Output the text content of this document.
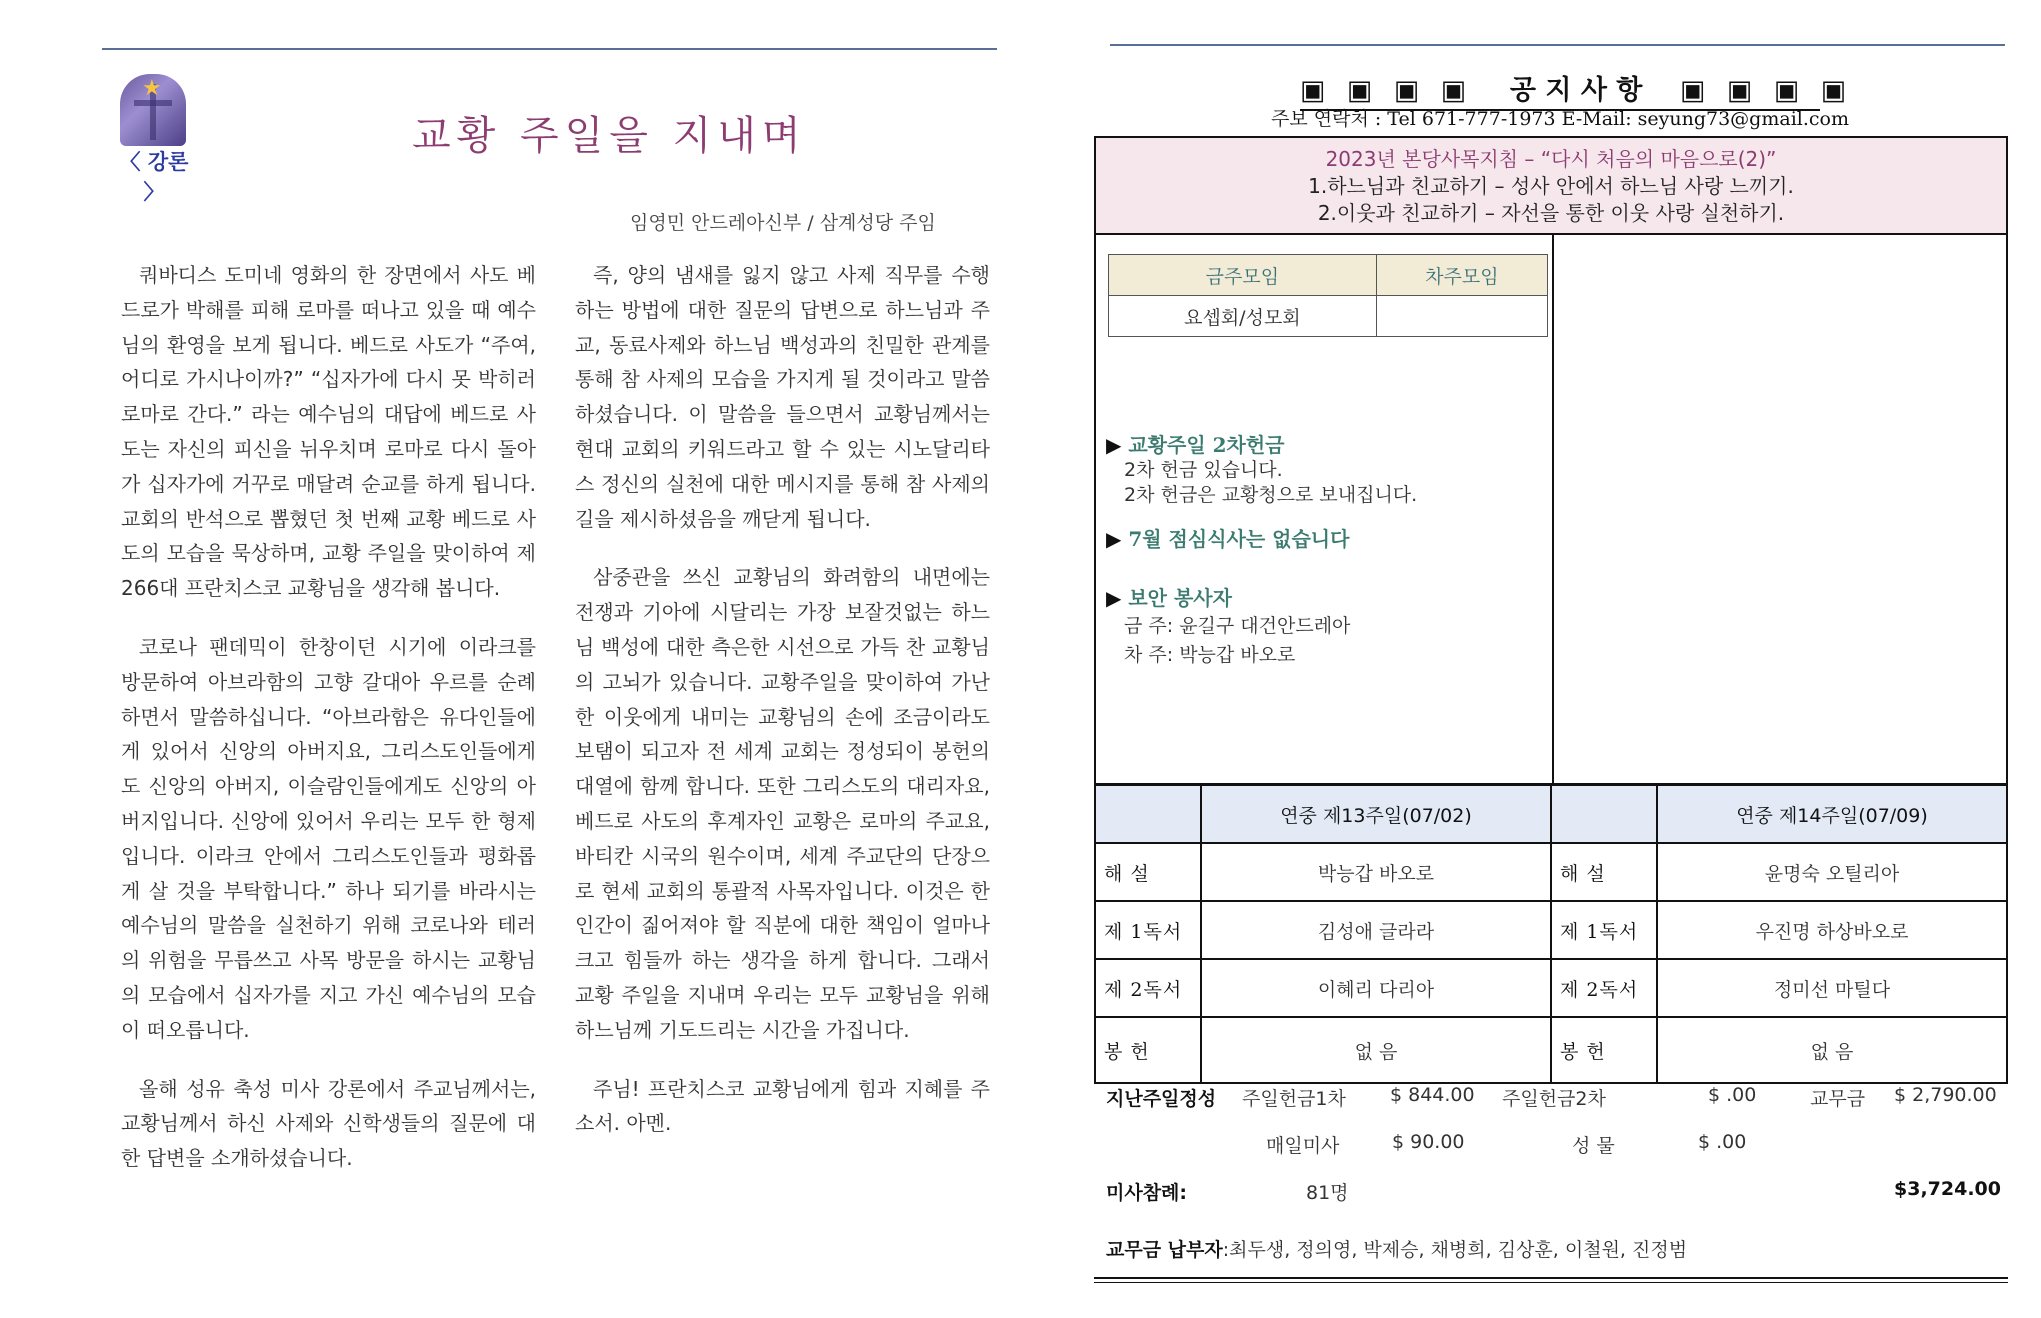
★
〈 강론 〉
교황 주일을 지내며
임영민 안드레아신부 / 삼계성당 주임

쿼바디스 도미네 영화의 한 장면에서 사도 베드로가 박해를 피해 로마를 떠나고 있을 때 예수님의 환영을 보게 됩니다. 베드로 사도가 “주여, 어디로 가시나이까?” “십자가에 다시 못 박히러 로마로 간다.” 라는 예수님의 대답에 베드로 사도는 자신의 피신을 뉘우치며 로마로 다시 돌아가 십자가에 거꾸로 매달려 순교를 하게 됩니다. 교회의 반석으로 뽑혔던 첫 번째 교황 베드로 사도의 모습을 묵상하며, 교황 주일을 맞이하여 제266대 프란치스코 교황님을 생각해 봅니다.

코로나 팬데믹이 한창이던 시기에 이라크를 방문하여 아브라함의 고향 갈대아 우르를 순례하면서 말씀하십니다. “아브라함은 유다인들에게 있어서 신앙의 아버지요, 그리스도인들에게도 신앙의 아버지, 이슬람인들에게도 신앙의 아버지입니다. 신앙에 있어서 우리는 모두 한 형제입니다. 이라크 안에서 그리스도인들과 평화롭게 살 것을 부탁합니다.” 하나 되기를 바라시는 예수님의 말씀을 실천하기 위해 코로나와 테러의 위험을 무릅쓰고 사목 방문을 하시는 교황님의 모습에서 십자가를 지고 가신 예수님의 모습이 떠오릅니다.

올해 성유 축성 미사 강론에서 주교님께서는, 교황님께서 하신 사제와 신학생들의 질문에 대한 답변을 소개하셨습니다.

즉, 양의 냄새를 잃지 않고 사제 직무를 수행하는 방법에 대한 질문의 답변으로 하느님과 주교, 동료사제와 하느님 백성과의 친밀한 관계를 통해 참 사제의 모습을 가지게 될 것이라고 말씀하셨습니다. 이 말씀을 들으면서 교황님께서는 현대 교회의 키워드라고 할 수 있는 시노달리타스 정신의 실천에 대한 메시지를 통해 참 사제의 길을 제시하셨음을 깨닫게 됩니다.

삼중관을 쓰신 교황님의 화려함의 내면에는 전쟁과 기아에 시달리는 가장 보잘것없는 하느님 백성에 대한 측은한 시선으로 가득 찬 교황님의 고뇌가 있습니다. 교황주일을 맞이하여 가난한 이웃에게 내미는 교황님의 손에 조금이라도 보탬이 되고자 전 세계 교회는 정성되이 봉헌의 대열에 함께 합니다. 또한 그리스도의 대리자요, 베드로 사도의 후계자인 교황은 로마의 주교요, 바티칸 시국의 원수이며, 세계 주교단의 단장으로 현세 교회의 통괄적 사목자입니다. 이것은 한 인간이 짊어져야 할 직분에 대한 책임이 얼마나 크고 힘들까 하는 생각을 하게 합니다. 그래서 교황 주일을 지내며 우리는 모두 교황님을 위해 하느님께 기도드리는 시간을 가집니다.

주님! 프란치스코 교황님에게 힘과 지혜를 주소서. 아멘.

▣ ▣ ▣ ▣ 공 지 사 항 ▣ ▣ ▣ ▣
주보 연락처 : Tel 671-777-1973 E-Mail: seyung73@gmail.com
2023년 본당사목지침 – “다시 처음의 마음으로(2)”
1.하느님과 친교하기 – 성사 안에서 하느님 사랑 느끼기.
2.이웃과 친교하기 – 자선을 통한 이웃 사랑 실천하기.
금주모임	차주모임
요셉회/성모회	
▶ 교황주일 2차헌금
2차 헌금 있습니다.
2차 헌금은 교황청으로 보내집니다.
▶ 7월 점심식사는 없습니다
▶ 보안 봉사자
금 주: 윤길구 대건안드레아
차 주: 박능갑 바오로
	연중 제13주일(07/02)		연중 제14주일(07/09)
해 설	박능갑 바오로	해 설	윤명숙 오틸리아
제 1독서	김성애 글라라	제 1독서	우진명 하상바오로
제 2독서	이혜리 다리아	제 2독서	정미선 마틸다
봉 헌	없 음	봉 헌	없 음
지난주일정성 주일헌금1차 $ 844.00 주일헌금2차	$ .00	교무금 $ 2,790.00
매일미사	$ 90.00	성 물	$ .00
미사참례:	81명	$3,724.00
교무금 납부자:최두생, 정의영, 박제승, 채병희, 김상훈, 이철원, 진정범
